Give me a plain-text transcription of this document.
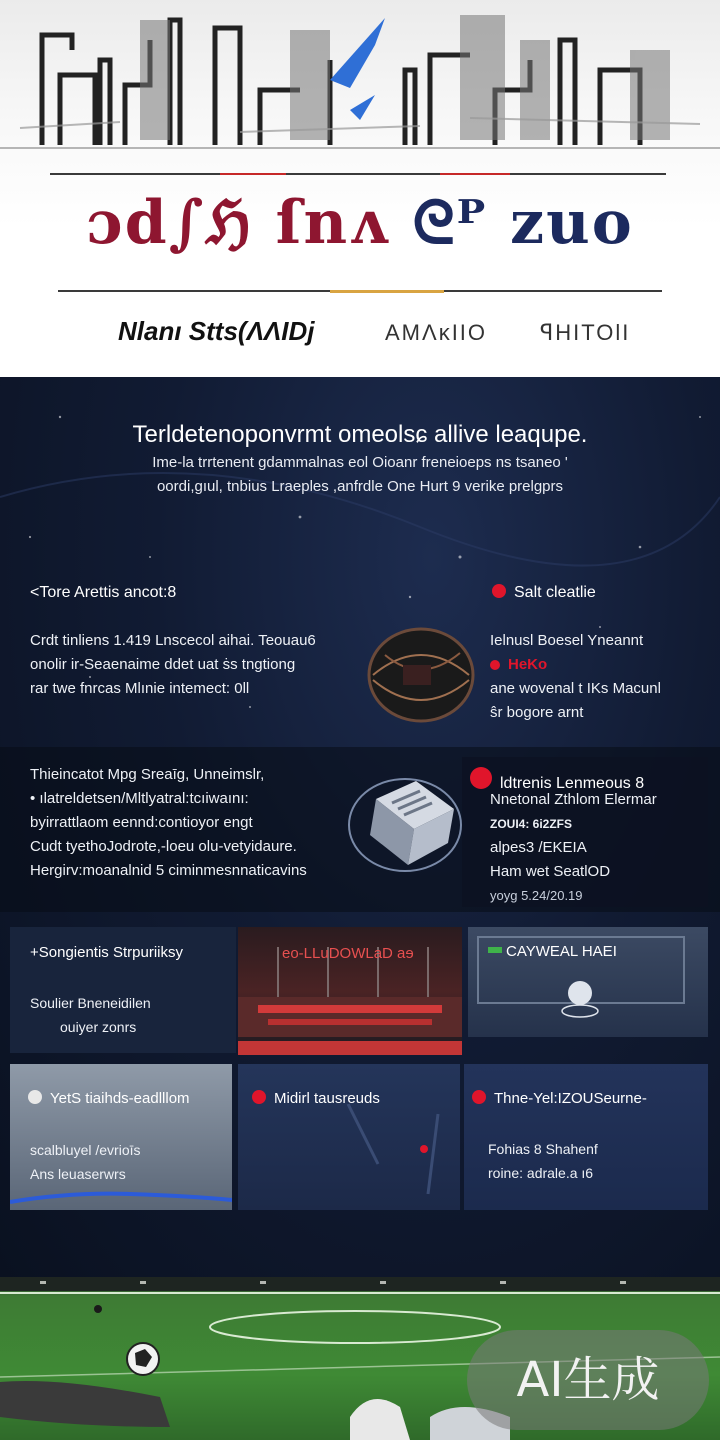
ɔd∫ℌ ſnᴧ ᘓᴾ zuo
Nlanı Stts(ɅɅIDj	AMΛᴋIIO ꟼHITOlI
Terldetenoponvrmt omeolsɕ allive leaqupe.
Ime-la trrtenent gdammalnas eol Oioanr freneioeps ns tsaneo '
oordi,gıul, tnbius Lraeples ,anfrdle One Hurt 9 verike prelgprs
<Tore Arettis ancot:8
Crdt tinliens 1.419 Lnscecol aihai. Teouau6
onolir ir-Seaenaime ddet uat ṡs tngtiong
rar twe fnrcas Mlınie intemect: 0ll
Salt cleatlie
Ielnusl Boesel Yneannt
HeKo
ane wovenal t IKs Macunl
ŝr bogore arnt
Thieincatot Mpg Sreaīg, Unneimslr,
• ılatreldetsen/Mltlyatral:tcıiwaını:
byirrattlaom eennd:contioyor engt
Cudt tyethoJodrote,-loeu olu-vetyidaure.
Hergirv:moanalnid 5 ciminmesnnaticavins
ldtrenis Lenmeous 8
Nnetonal Zthlom Elermar
ZOUI4: 6i2ZFS
alpes3 /EKEIA
Ham wet SeatlOD
yoyg 5.24/20.19
+Songientis Strpuriiksy
Soulier Bneneidilen
ouiyer zonrs
eo-LLuDOWLaD aɘ	CAYWEAL HAEI
YetS tiaihds-eadlllom
scalbluyel /evrioīs
Ans leuaserwrs
Midirl tausreuds	Thne-Yel:IZOUSeurne-
Fohias 8 Shahenf
roine: adrale.a ı6
AI生成
